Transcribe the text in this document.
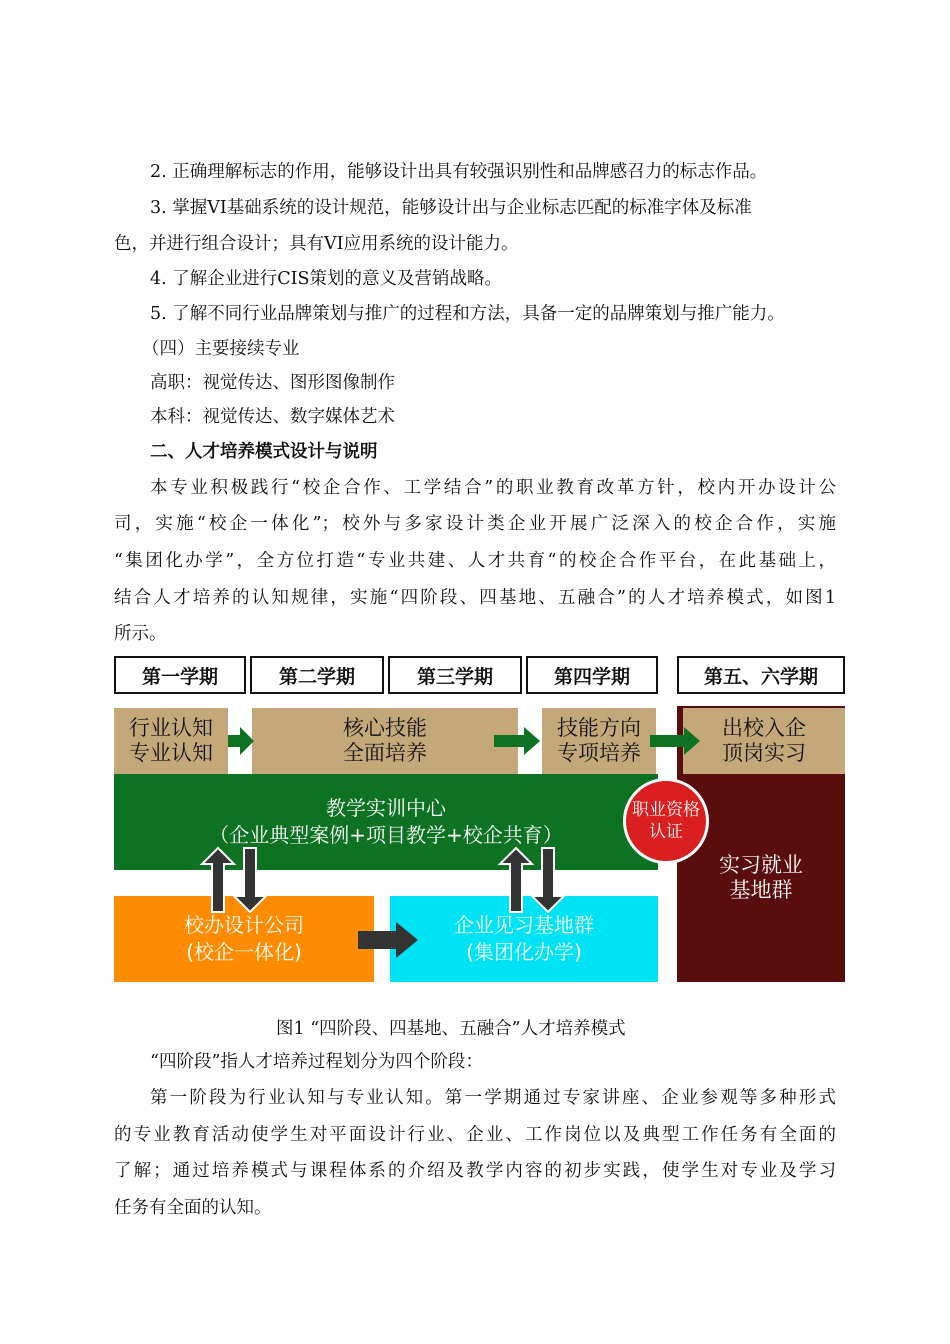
2. 正确理解标志的作用，能够设计出具有较强识别性和品牌感召力的标志作品。
3. 掌握VI基础系统的设计规范，能够设计出与企业标志匹配的标准字体及标准
色，并进行组合设计；具有VI应用系统的设计能力。
4. 了解企业进行CIS策划的意义及营销战略。
5. 了解不同行业品牌策划与推广的过程和方法，具备一定的品牌策划与推广能力。
（四）主要接续专业
高职：视觉传达、图形图像制作
本科：视觉传达、数字媒体艺术
二、人才培养模式设计与说明
本专业积极践行“校企合作、工学结合”的职业教育改革方针，校内开办设计公
司，实施“校企一体化”；校外与多家设计类企业开展广泛深入的校企合作，实施
“集团化办学”，全方位打造“专业共建、人才共育“的校企合作平台，在此基础上，
结合人才培养的认知规律，实施“四阶段、四基地、五融合”的人才培养模式，如图1
所示。
第一学期	第二学期	第三学期	第四学期	第五、六学期
行业认知
专业认知
核心技能
全面培养
技能方向
专项培养
出校入企
顶岗实习
教学实训中心
（企业典型案例+项目教学+校企共育）
实习就业
基地群
职业资格
认证
校办设计公司
(校企一体化)
企业见习基地群
(集团化办学)
图1 “四阶段、四基地、五融合”人才培养模式
“四阶段”指人才培养过程划分为四个阶段：
第一阶段为行业认知与专业认知。第一学期通过专家讲座、企业参观等多种形式
的专业教育活动使学生对平面设计行业、企业、工作岗位以及典型工作任务有全面的
了解；通过培养模式与课程体系的介绍及教学内容的初步实践，使学生对专业及学习
任务有全面的认知。
